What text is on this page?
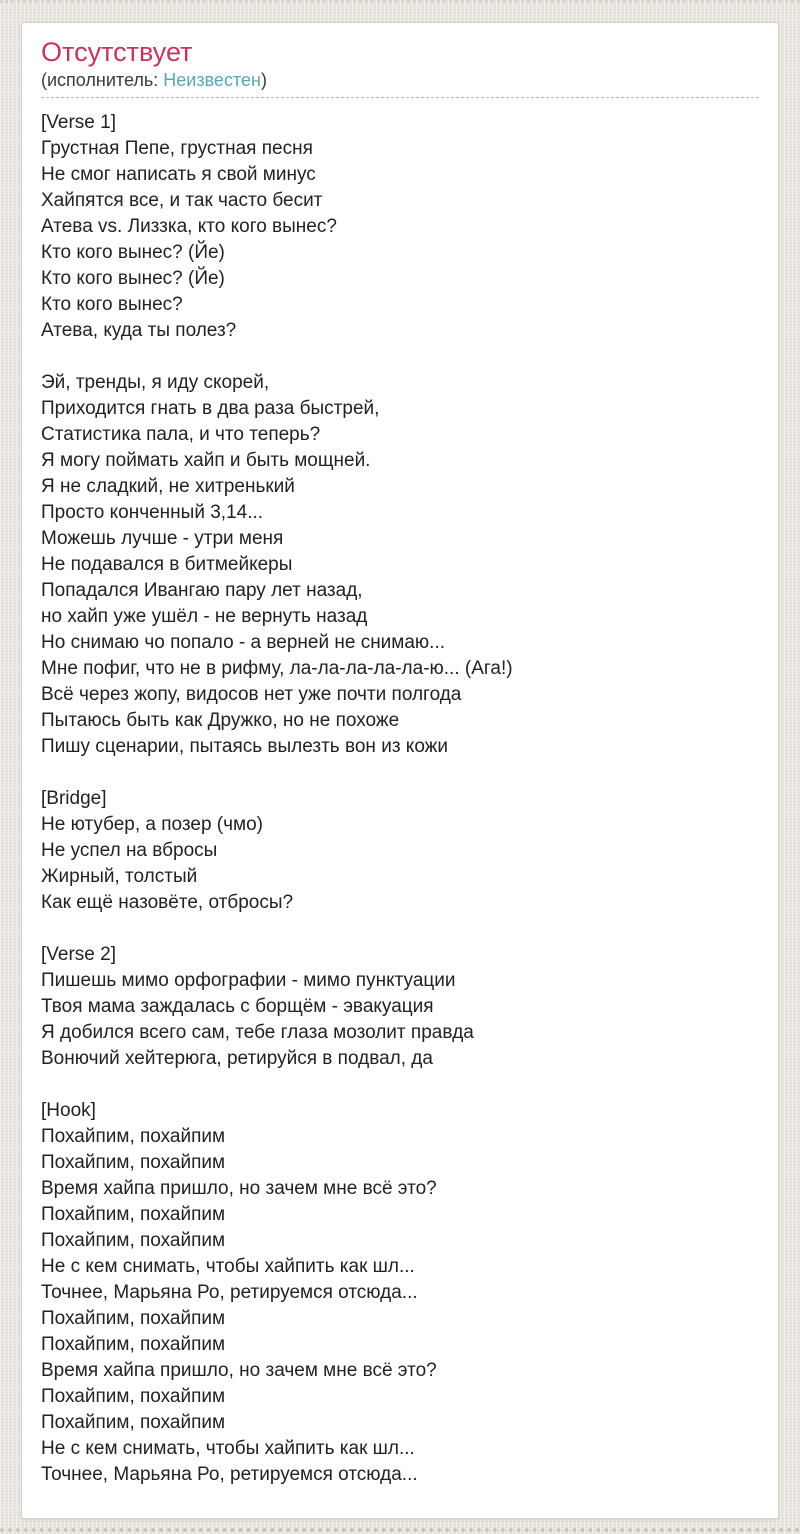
Отсутствует
(исполнитель: Неизвестен)
[Verse 1]
Грустная Пепе, грустная песня
Не смог написать я свой минус
Хайпятся все, и так часто бесит
Атева vs. Лиззка, кто кого вынес?
Кто кого вынес? (Йе)
Кто кого вынес? (Йе)
Кто кого вынес?
Атева, куда ты полез?
Эй, тренды, я иду скорей,
Приходится гнать в два раза быстрей,
Статистика пала, и что теперь?
Я могу поймать хайп и быть мощней.
Я не сладкий, не хитренький
Просто конченный 3,14...
Можешь лучше - утри меня
Не подавался в битмейкеры
Попадался Ивангаю пару лет назад,
но хайп уже ушёл - не вернуть назад
Но снимаю чо попало - а верней не снимаю...
Мне пофиг, что не в рифму, ла-ла-ла-ла-ла-ю... (Ага!)
Всё через жопу, видосов нет уже почти полгода
Пытаюсь быть как Дружко, но не похоже
Пишу сценарии, пытаясь вылезть вон из кожи
[Bridge]
Не ютубер, а позер (чмо)
Не успел на вбросы
Жирный, толстый
Как ещё назовёте, отбросы?
[Verse 2]
Пишешь мимо орфографии - мимо пунктуации
Твоя мама заждалась с борщём - эвакуация
Я добился всего сам, тебе глаза мозолит правда
Вонючий хейтерюга, ретируйся в подвал, да
[Hook]
Похайпим, похайпим
Похайпим, похайпим
Время хайпа пришло, но зачем мне всё это?
Похайпим, похайпим
Похайпим, похайпим
Не с кем снимать, чтобы хайпить как шл...
Точнее, Марьяна Ро, ретируемся отсюда...
Похайпим, похайпим
Похайпим, похайпим
Время хайпа пришло, но зачем мне всё это?
Похайпим, похайпим
Похайпим, похайпим
Не с кем снимать, чтобы хайпить как шл...
Точнее, Марьяна Ро, ретируемся отсюда...
